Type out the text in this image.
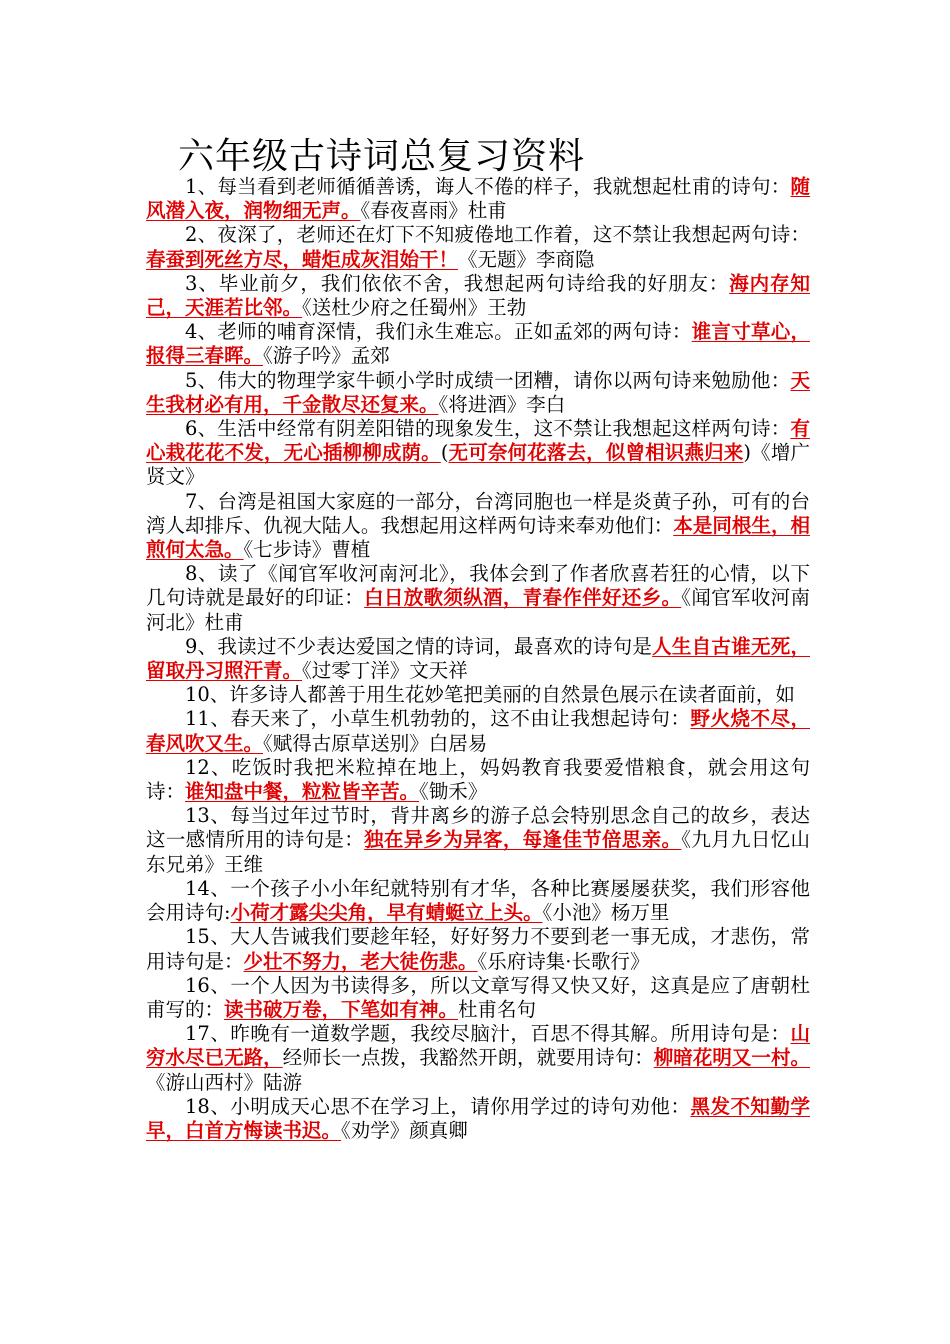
六年级古诗词总复习资料

1、每当看到老师循循善诱，诲人不倦的样子，我就想起杜甫的诗句：随风潜入夜，润物细无声。《春夜喜雨》杜甫

2、夜深了，老师还在灯下不知疲倦地工作着，这不禁让我想起两句诗：春蚕到死丝方尽，蜡炬成灰泪始干！《无题》李商隐

3、毕业前夕，我们依依不舍，我想起两句诗给我的好朋友：海内存知己，天涯若比邻。《送杜少府之任蜀州》王勃

4、老师的哺育深情，我们永生难忘。正如孟郊的两句诗：谁言寸草心，报得三春晖。《游子吟》孟郊

5、伟大的物理学家牛顿小学时成绩一团糟，请你以两句诗来勉励他：天生我材必有用，千金散尽还复来。《将进酒》李白

6、生活中经常有阴差阳错的现象发生，这不禁让我想起这样两句诗：有心栽花花不发，无心插柳柳成荫。(无可奈何花落去，似曾相识燕归来)《增广贤文》

7、台湾是祖国大家庭的一部分，台湾同胞也一样是炎黄子孙，可有的台湾人却排斥、仇视大陆人。我想起用这样两句诗来奉劝他们：本是同根生，相煎何太急。《七步诗》曹植

8、读了《闻官军收河南河北》，我体会到了作者欣喜若狂的心情，以下几句诗就是最好的印证：白日放歌须纵酒，青春作伴好还乡。《闻官军收河南河北》杜甫

9、我读过不少表达爱国之情的诗词，最喜欢的诗句是人生自古谁无死，留取丹习照汗青。《过零丁洋》文天祥

10、许多诗人都善于用生花妙笔把美丽的自然景色展示在读者面前，如

11、春天来了，小草生机勃勃的，这不由让我想起诗句：野火烧不尽，春风吹又生。《赋得古原草送别》白居易

12、吃饭时我把米粒掉在地上，妈妈教育我要爱惜粮食，就会用这句诗：谁知盘中餐，粒粒皆辛苦。《锄禾》

13、每当过年过节时，背井离乡的游子总会特别思念自己的故乡，表达这一感情所用的诗句是：独在异乡为异客，每逢佳节倍思亲。《九月九日忆山东兄弟》王维

14、一个孩子小小年纪就特别有才华，各种比赛屡屡获奖，我们形容他会用诗句:小荷才露尖尖角，早有蜻蜓立上头。《小池》杨万里

15、大人告诫我们要趁年轻，好好努力不要到老一事无成，才悲伤，常用诗句是：少壮不努力，老大徒伤悲。《乐府诗集·长歌行》

16、一个人因为书读得多，所以文章写得又快又好，这真是应了唐朝杜甫写的：读书破万卷，下笔如有神。杜甫名句

17、昨晚有一道数学题，我绞尽脑汁，百思不得其解。所用诗句是：山穷水尽已无路，经师长一点拨，我豁然开朗，就要用诗句：柳暗花明又一村。《游山西村》陆游

18、小明成天心思不在学习上，请你用学过的诗句劝他：黑发不知勤学早，白首方悔读书迟。《劝学》颜真卿
